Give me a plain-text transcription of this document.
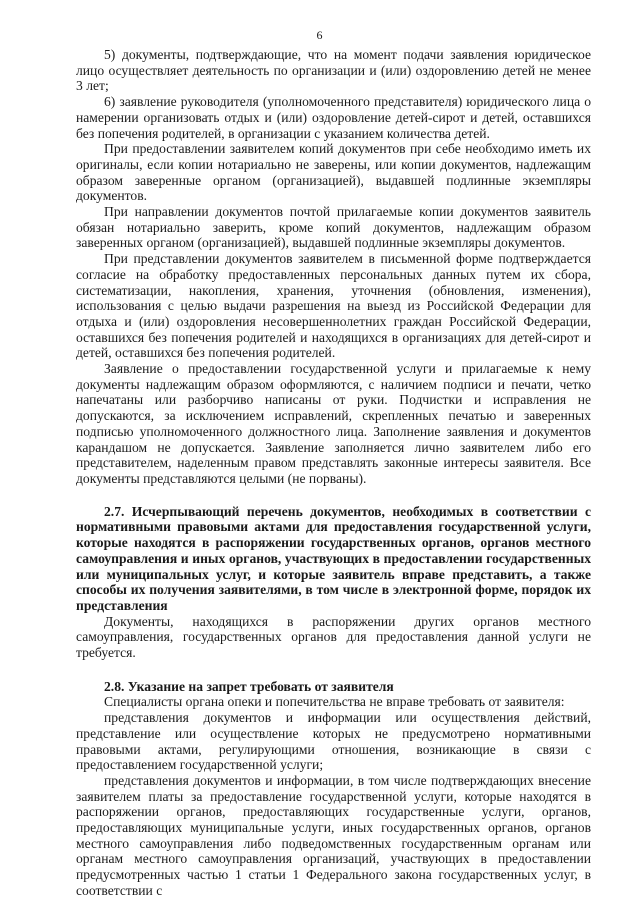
6

5) документы, подтверждающие, что на момент подачи заявления юридическое лицо осуществляет деятельность по организации и (или) оздоровлению детей не менее 3 лет;

6) заявление руководителя (уполномоченного представителя) юридического лица о намерении организовать отдых и (или) оздоровление детей-сирот и детей, оставшихся без попечения родителей, в организации с указанием количества детей.

При предоставлении заявителем копий документов при себе необходимо иметь их оригиналы, если копии нотариально не заверены, или копии документов, надлежащим образом заверенные органом (организацией), выдавшей подлинные экземпляры документов.

При направлении документов почтой прилагаемые копии документов заявитель обязан нотариально заверить, кроме копий документов, надлежащим образом заверенных органом (организацией), выдавшей подлинные экземпляры документов.

При представлении документов заявителем в письменной форме подтверждается согласие на обработку предоставленных персональных данных путем их сбора, систематизации, накопления, хранения, уточнения (обновления, изменения), использования с целью выдачи разрешения на выезд из Российской Федерации для отдыха и (или) оздоровления несовершеннолетних граждан Российской Федерации, оставшихся без попечения родителей и находящихся в организациях для детей-сирот и детей, оставшихся без попечения родителей.

Заявление о предоставлении государственной услуги и прилагаемые к нему документы надлежащим образом оформляются, с наличием подписи и печати, четко напечатаны или разборчиво написаны от руки. Подчистки и исправления не допускаются, за исключением исправлений, скрепленных печатью и заверенных подписью уполномоченного должностного лица. Заполнение заявления и документов карандашом не допускается. Заявление заполняется лично заявителем либо его представителем, наделенным правом представлять законные интересы заявителя. Все документы представляются целыми (не порваны).

2.7. Исчерпывающий перечень документов, необходимых в соответствии с нормативными правовыми актами для предоставления государственной услуги, которые находятся в распоряжении государственных органов, органов местного самоуправления и иных органов, участвующих в предоставлении государственных или муниципальных услуг, и которые заявитель вправе представить, а также способы их получения заявителями, в том числе в электронной форме, порядок их представления

Документы, находящихся в распоряжении других органов местного самоуправления, государственных органов для предоставления данной услуги не требуется.

2.8. Указание на запрет требовать от заявителя

Специалисты органа опеки и попечительства не вправе требовать от заявителя:

представления документов и информации или осуществления действий, представление или осуществление которых не предусмотрено нормативными правовыми актами, регулирующими отношения, возникающие в связи с предоставлением государственной услуги;

представления документов и информации, в том числе подтверждающих внесение заявителем платы за предоставление государственной услуги, которые находятся в распоряжении органов, предоставляющих государственные услуги, органов, предоставляющих муниципальные услуги, иных государственных органов, органов местного самоуправления либо подведомственных государственным органам или органам местного самоуправления организаций, участвующих в предоставлении предусмотренных частью 1 статьи 1 Федерального закона государственных услуг, в соответствии с
